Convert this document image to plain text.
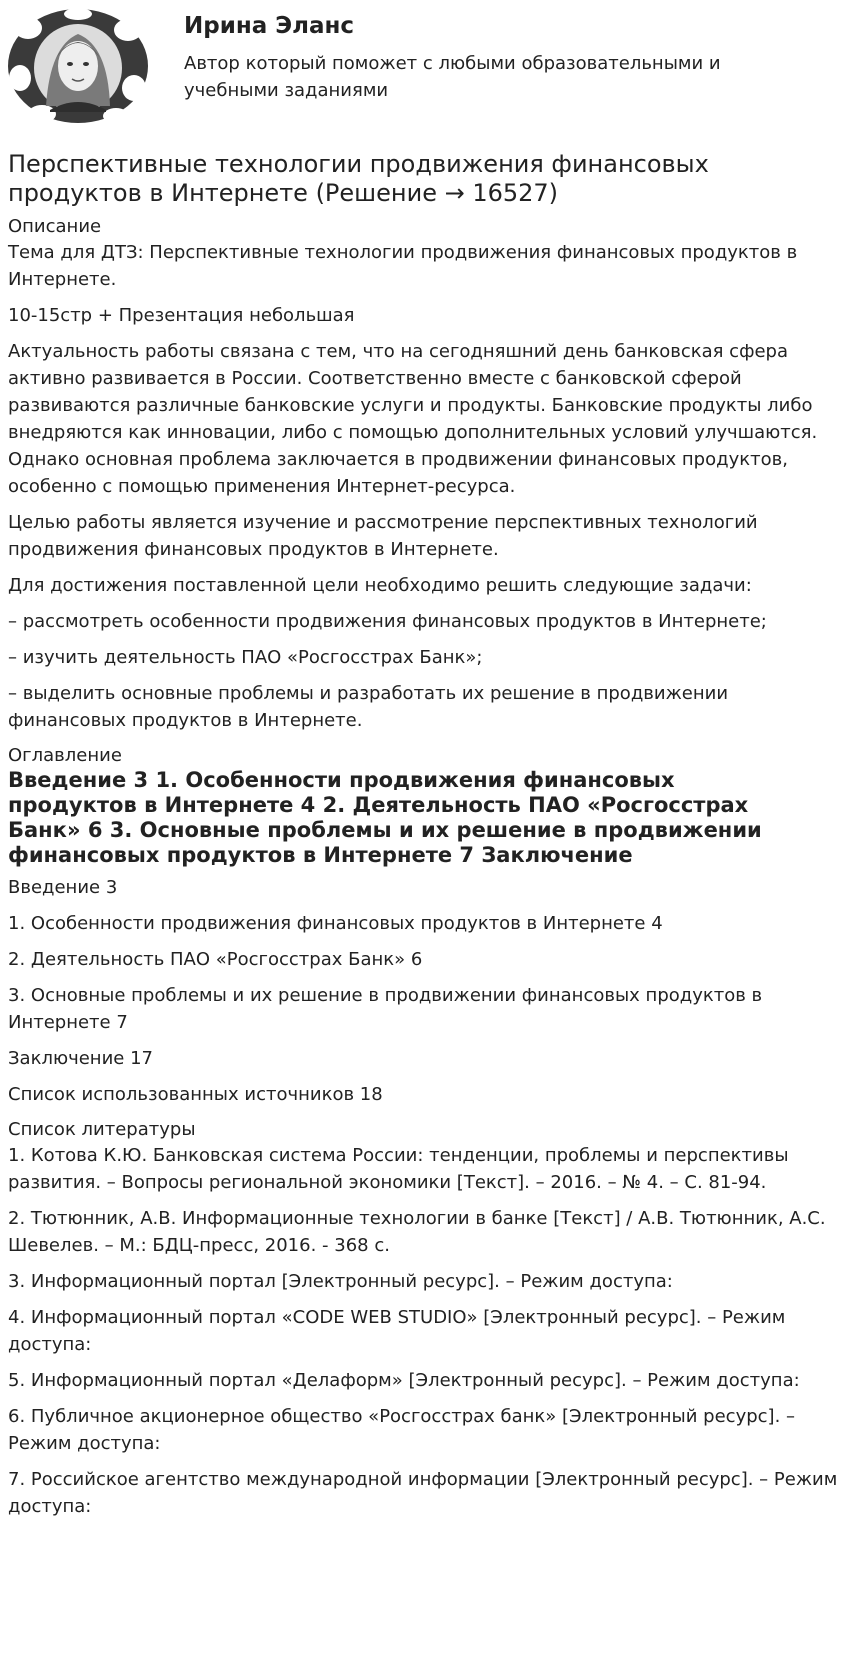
Ирина Эланс

Автор который поможет с любыми образовательными и учебными заданиями

Перспективные технологии продвижения финансовых продуктов в Интернете (Решение → 16527)
Описание

Тема для ДТЗ: Перспективные технологии продвижения финансовых продуктов в Интернете.

10-15стр + Презентация небольшая

Актуальность работы связана с тем, что на сегодняшний день банковская сфера активно развивается в России. Соответственно вместе с банковской сферой развиваются различные банковские услуги и продукты. Банковские продукты либо внедряются как инновации, либо с помощью дополнительных условий улучшаются. Однако основная проблема заключается в продвижении финансовых продуктов, особенно с помощью применения Интернет-ресурса.

Целью работы является изучение и рассмотрение перспективных технологий продвижения финансовых продуктов в Интернете.

Для достижения поставленной цели необходимо решить следующие задачи:

– рассмотреть особенности продвижения финансовых продуктов в Интернете;

– изучить деятельность ПАО «Росгосстрах Банк»;

– выделить основные проблемы и разработать их решение в продвижении финансовых продуктов в Интернете.

Оглавление
Введение 3 1. Особенности продвижения финансовых продуктов в Интернете 4 2. Деятельность ПАО «Росгосстрах Банк» 6 3. Основные проблемы и их решение в продвижении финансовых продуктов в Интернете 7 Заключение

Введение 3

1. Особенности продвижения финансовых продуктов в Интернете 4

2. Деятельность ПАО «Росгосстрах Банк» 6

3. Основные проблемы и их решение в продвижении финансовых продуктов в Интернете 7

Заключение 17

Список использованных источников 18

Список литературы

1. Котова К.Ю. Банковская система России: тенденции, проблемы и перспективы развития. – Вопросы региональной экономики [Текст]. – 2016. – № 4. – С. 81-94.

2. Тютюнник, А.В. Информационные технологии в банке [Текст] / А.В. Тютюнник, А.С. Шевелев. – М.: БДЦ-пресс, 2016. - 368 с.

3. Информационный портал [Электронный ресурс]. – Режим доступа:

4. Информационный портал «CODE WEB STUDIO» [Электронный ресурс]. – Режим доступа:

5. Информационный портал «Делаформ» [Электронный ресурс]. – Режим доступа:

6. Публичное акционерное общество «Росгосстрах банк» [Электронный ресурс]. – Режим доступа:

7. Российское агентство международной информации [Электронный ресурс]. – Режим доступа:
